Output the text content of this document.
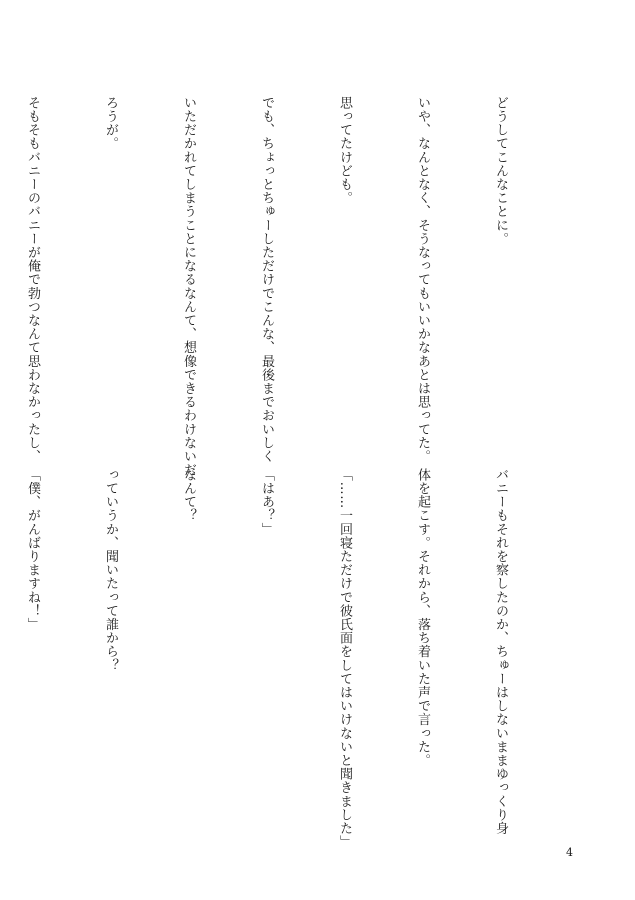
どうしてこんなことに。

いや、なんとなく、そうなってもいいかなあとは思ってた。

思ってたけども。

でも、ちょっとちゅーしただけでこんな、最後までおいしく

いただかれてしまうことになるなんて、想像できるわけないだ

ろうが。

そもそもバニーのバニーが俺で勃つなんて思わなかったし、

バニーもそれを察したのか、ちゅーはしないままゆっくり身

体を起こす。それから、落ち着いた声で言った。

「……一回寝ただけで彼氏面をしてはいけないと聞きました」

「はあ？」

なんて？

っていうか、聞いたって誰から？

「僕、がんばりますね！」

4
